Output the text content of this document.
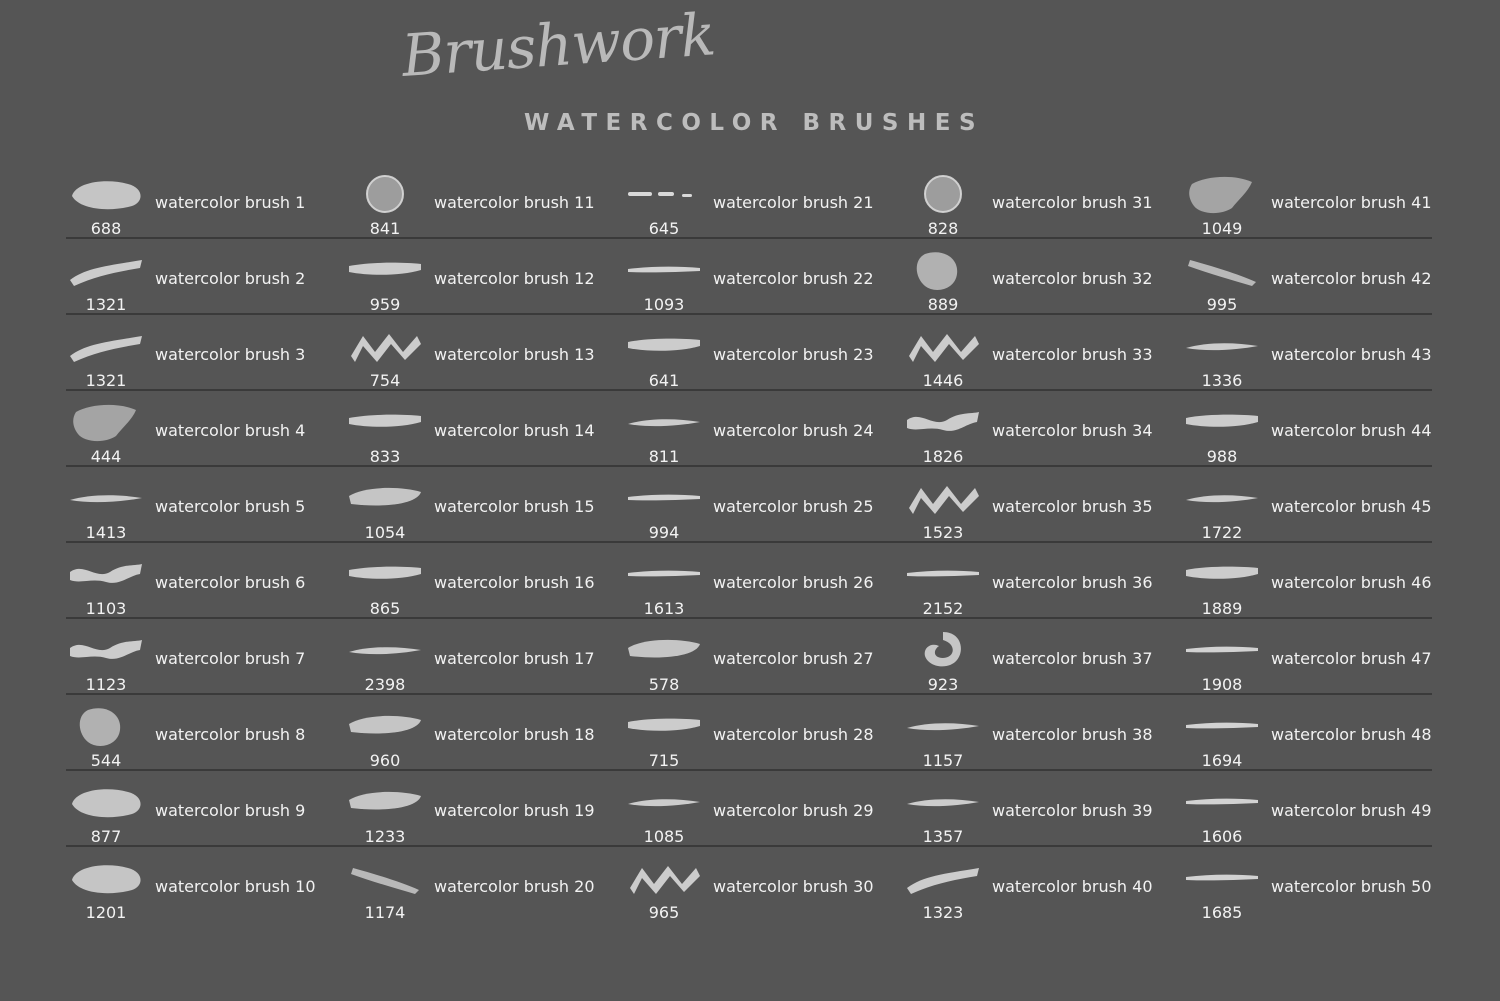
Brushwork
WATERCOLOR BRUSHES
watercolor brush 1
688
watercolor brush 2
1321
watercolor brush 3
1321
watercolor brush 4
444
watercolor brush 5
1413
watercolor brush 6
1103
watercolor brush 7
1123
watercolor brush 8
544
watercolor brush 9
877
watercolor brush 10
1201
watercolor brush 11
841
watercolor brush 12
959
watercolor brush 13
754
watercolor brush 14
833
watercolor brush 15
1054
watercolor brush 16
865
watercolor brush 17
2398
watercolor brush 18
960
watercolor brush 19
1233
watercolor brush 20
1174
watercolor brush 21
645
watercolor brush 22
1093
watercolor brush 23
641
watercolor brush 24
811
watercolor brush 25
994
watercolor brush 26
1613
watercolor brush 27
578
watercolor brush 28
715
watercolor brush 29
1085
watercolor brush 30
965
watercolor brush 31
828
watercolor brush 32
889
watercolor brush 33
1446
watercolor brush 34
1826
watercolor brush 35
1523
watercolor brush 36
2152
watercolor brush 37
923
watercolor brush 38
1157
watercolor brush 39
1357
watercolor brush 40
1323
watercolor brush 41
1049
watercolor brush 42
995
watercolor brush 43
1336
watercolor brush 44
988
watercolor brush 45
1722
watercolor brush 46
1889
watercolor brush 47
1908
watercolor brush 48
1694
watercolor brush 49
1606
watercolor brush 50
1685
